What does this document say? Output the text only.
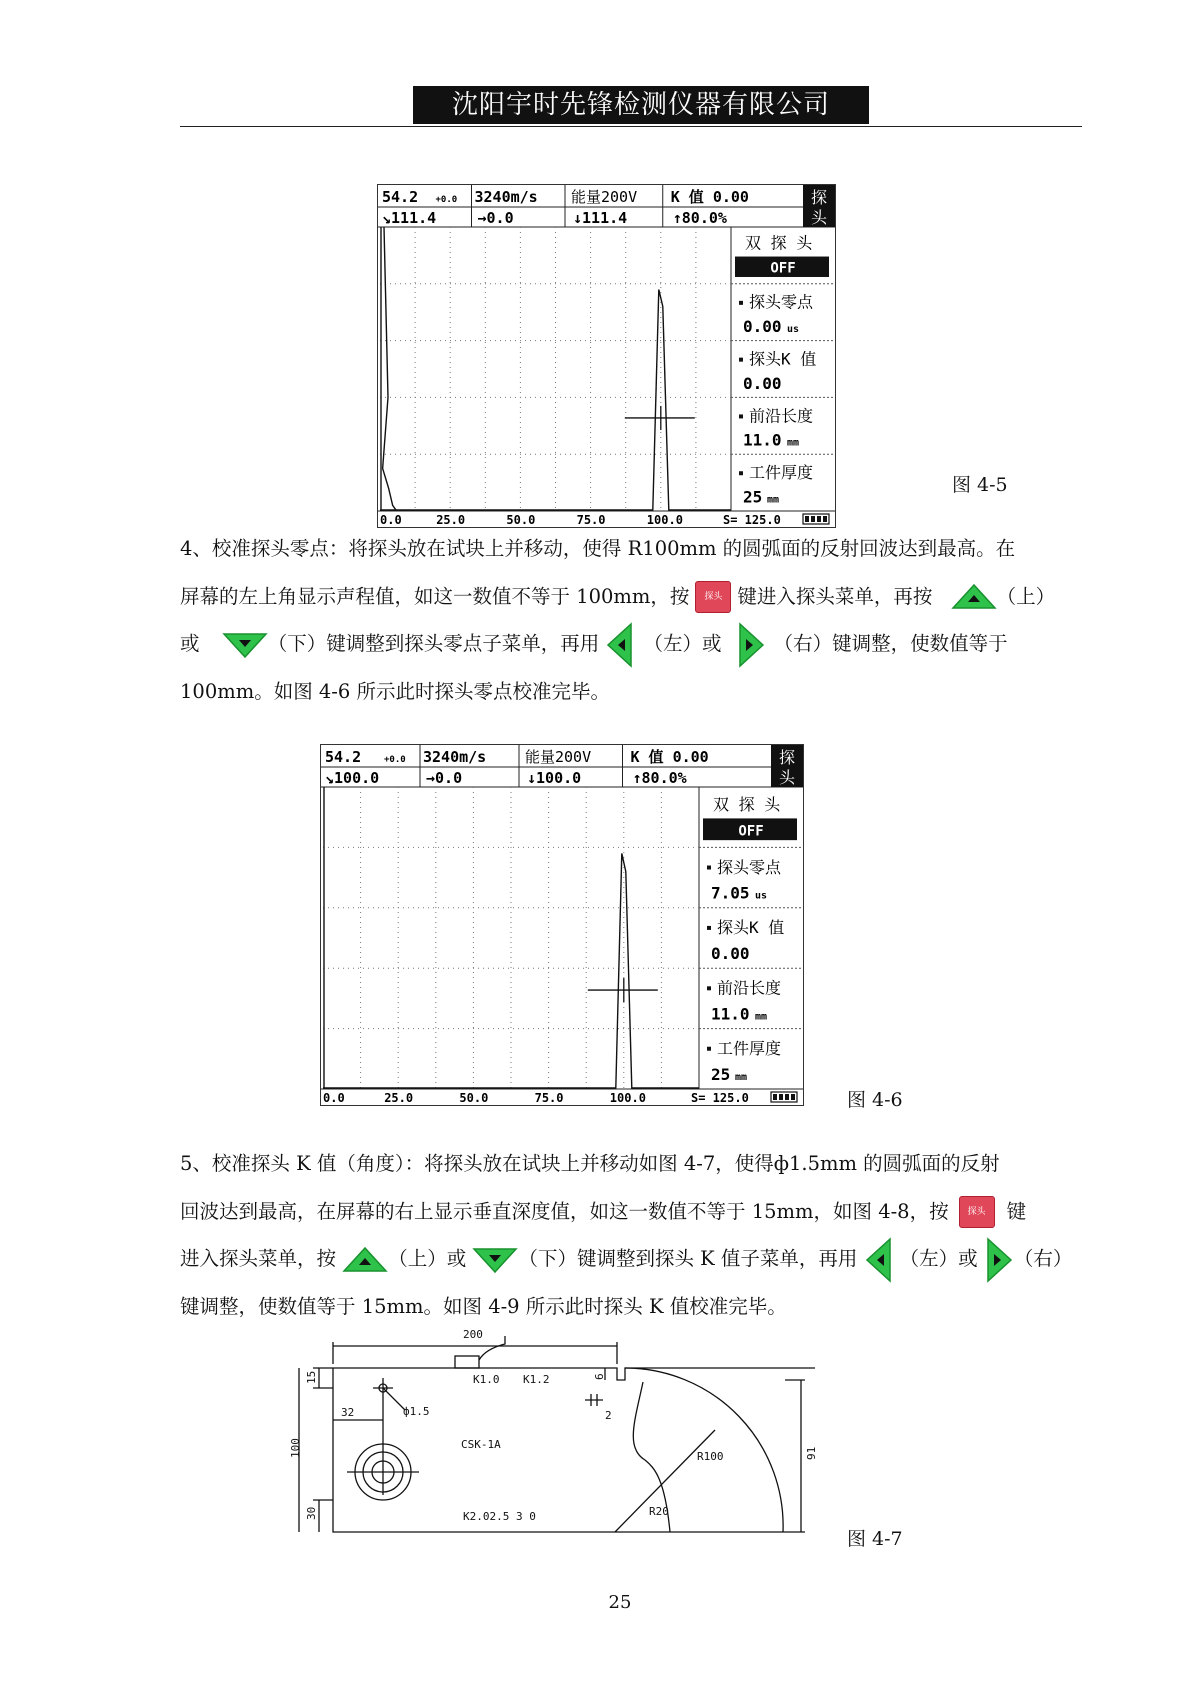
沈阳宇时先锋检测仪器有限公司
探
头
54.2 +0.0 3240m/s 能量200V K 值 0.00
↘111.4	→0.0	↓111.4	↑80.0%
0.0	25.0	50.0	75.0	100.0	S= 125.0
双 探 头
OFF
探头零点
0.00 us
探头K 值
0.00
前沿长度
11.0 mm
工件厚度
25 mm
图 4-5
4、校准探头零点：将探头放在试块上并移动，使得 R100mm 的圆弧面的反射回波达到最高。在
屏幕的左上角显示声程值，如这一数值不等于 100mm，按 探头 键进入探头菜单，再按	（上）
或	（下）键调整到探头零点子菜单，再用 （左）或	（右）键调整，使数值等于
100mm。如图 4-6 所示此时探头零点校准完毕。
探
头
54.2	+0.0 3240m/s	能量200V	K 值 0.00
↘100.0	→0.0	↓100.0	↑80.0%
0.0	25.0	50.0	75.0	100.0	S= 125.0
双 探 头
OFF
探头零点
7.05 us
探头K 值
0.00
前沿长度
11.0 mm
工件厚度
25 mm
图 4-6
5、校准探头 K 值（角度）：将探头放在试块上并移动如图 4-7，使得ф1.5mm 的圆弧面的反射
回波达到最高，在屏幕的右上显示垂直深度值，如这一数值不等于 15mm，如图 4-8，按 探头 键
进入探头菜单，按	（上）或	（下）键调整到探头 K 值子菜单，再用 （左）或 （右）
键调整，使数值等于 15mm。如图 4-9 所示此时探头 K 值校准完毕。
200
K1.0 K1.2
ф1.5
CSK-1A
15
32
100
30
91
6
2
R100
R20
K2.02.5 3 0
图 4-7
25
